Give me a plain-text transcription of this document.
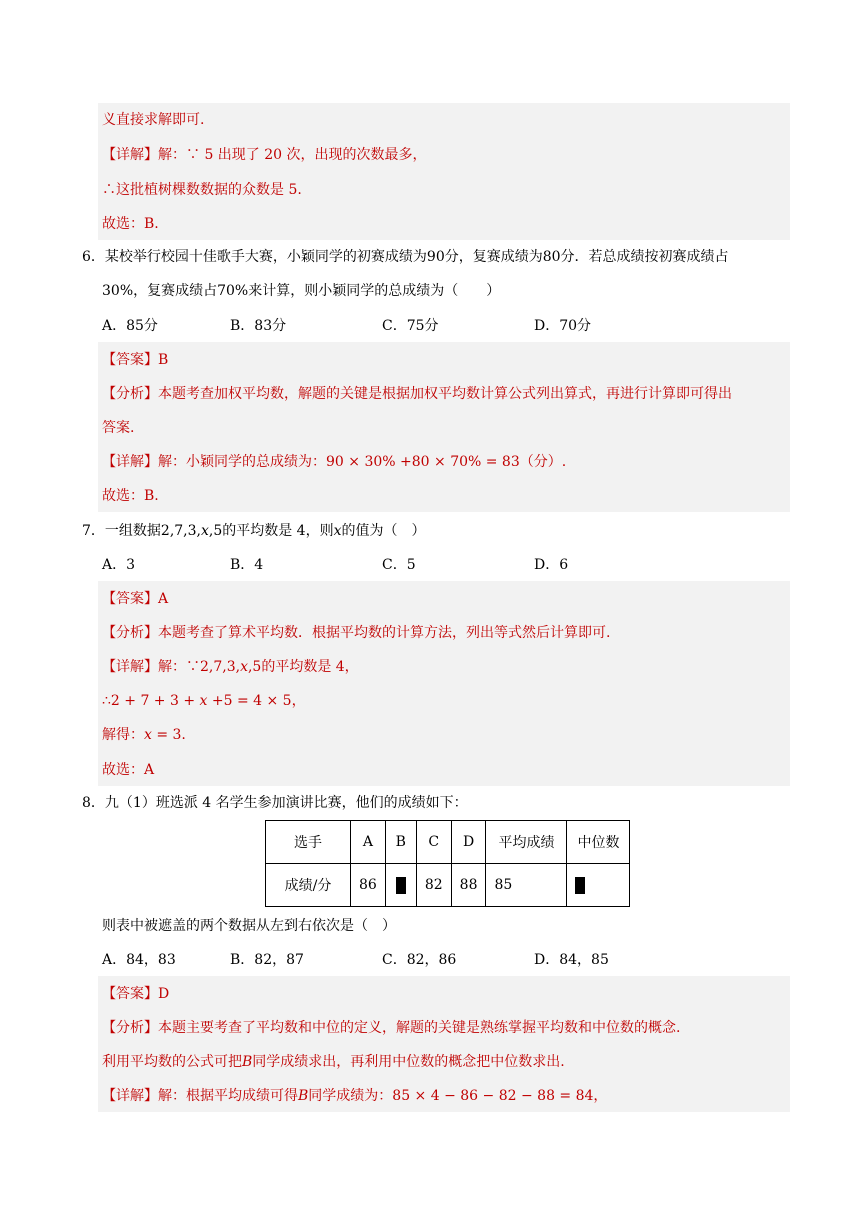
义直接求解即可.
【详解】解：∵ 5 出现了 20 次，出现的次数最多，
∴这批植树棵数数据的众数是 5.
故选：B.
6．某校举行校园十佳歌手大赛，小颖同学的初赛成绩为90分，复赛成绩为80分．若总成绩按初赛成绩占
30%，复赛成绩占70%来计算，则小颖同学的总成绩为（　　）
A．85分	B．83分	C．75分	D．70分
【答案】B
【分析】本题考查加权平均数，解题的关键是根据加权平均数计算公式列出算式，再进行计算即可得出
答案.
【详解】解：小颖同学的总成绩为：90 × 30% +80 × 70% = 83（分）.
故选：B.
7．一组数据2,7,3,𝑥,5的平均数是 4，则𝑥的值为（　）
A．3	B．4	C．5	D．6
【答案】A
【分析】本题考查了算术平均数．根据平均数的计算方法，列出等式然后计算即可.
【详解】解：∵2,7,3,𝑥,5的平均数是 4，
∴2 + 7 + 3 + 𝑥 +5 = 4 × 5，
解得：𝑥 = 3.
故选：A
8．九（1）班选派 4 名学生参加演讲比赛，他们的成绩如下：
选手	A	B	C	D	平均成绩	中位数
成绩/分	86		82	88	85	
则表中被遮盖的两个数据从左到右依次是（　）
A．84，83	B．82，87	C．82，86	D．84，85
【答案】D
【分析】本题主要考查了平均数和中位的定义，解题的关键是熟练掌握平均数和中位数的概念.
利用平均数的公式可把𝐵同学成绩求出，再利用中位数的概念把中位数求出.
【详解】解：根据平均成绩可得𝐵同学成绩为：85 × 4 − 86 − 82 − 88 = 84，
